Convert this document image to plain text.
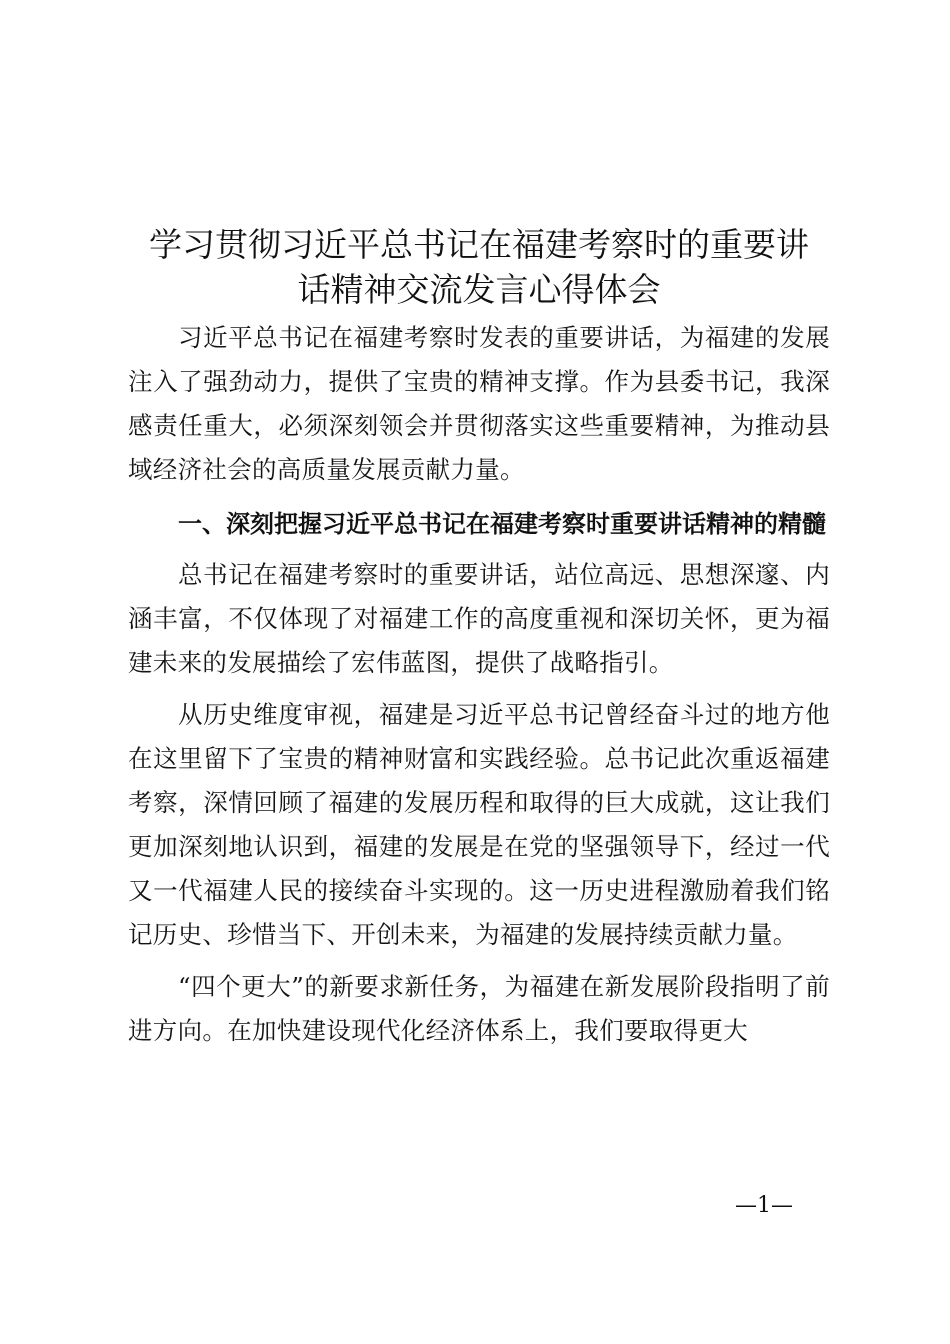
学习贯彻习近平总书记在福建考察时的重要讲
话精神交流发言心得体会

习近平总书记在福建考察时发表的重要讲话，为福建的发展注入了强劲动力，提供了宝贵的精神支撑。作为县委书记，我深感责任重大，必须深刻领会并贯彻落实这些重要精神，为推动县域经济社会的高质量发展贡献力量。

一、深刻把握习近平总书记在福建考察时重要讲话精神的精髓

总书记在福建考察时的重要讲话，站位高远、思想深邃、内涵丰富，不仅体现了对福建工作的高度重视和深切关怀，更为福建未来的发展描绘了宏伟蓝图，提供了战略指引。

从历史维度审视，福建是习近平总书记曾经奋斗过的地方他在这里留下了宝贵的精神财富和实践经验。总书记此次重返福建考察，深情回顾了福建的发展历程和取得的巨大成就，这让我们更加深刻地认识到，福建的发展是在党的坚强领导下，经过一代又一代福建人民的接续奋斗实现的。这一历史进程激励着我们铭记历史、珍惜当下、开创未来，为福建的发展持续贡献力量。

“四个更大”的新要求新任务，为福建在新发展阶段指明了前进方向。在加快建设现代化经济体系上，我们要取得更大

—1—
